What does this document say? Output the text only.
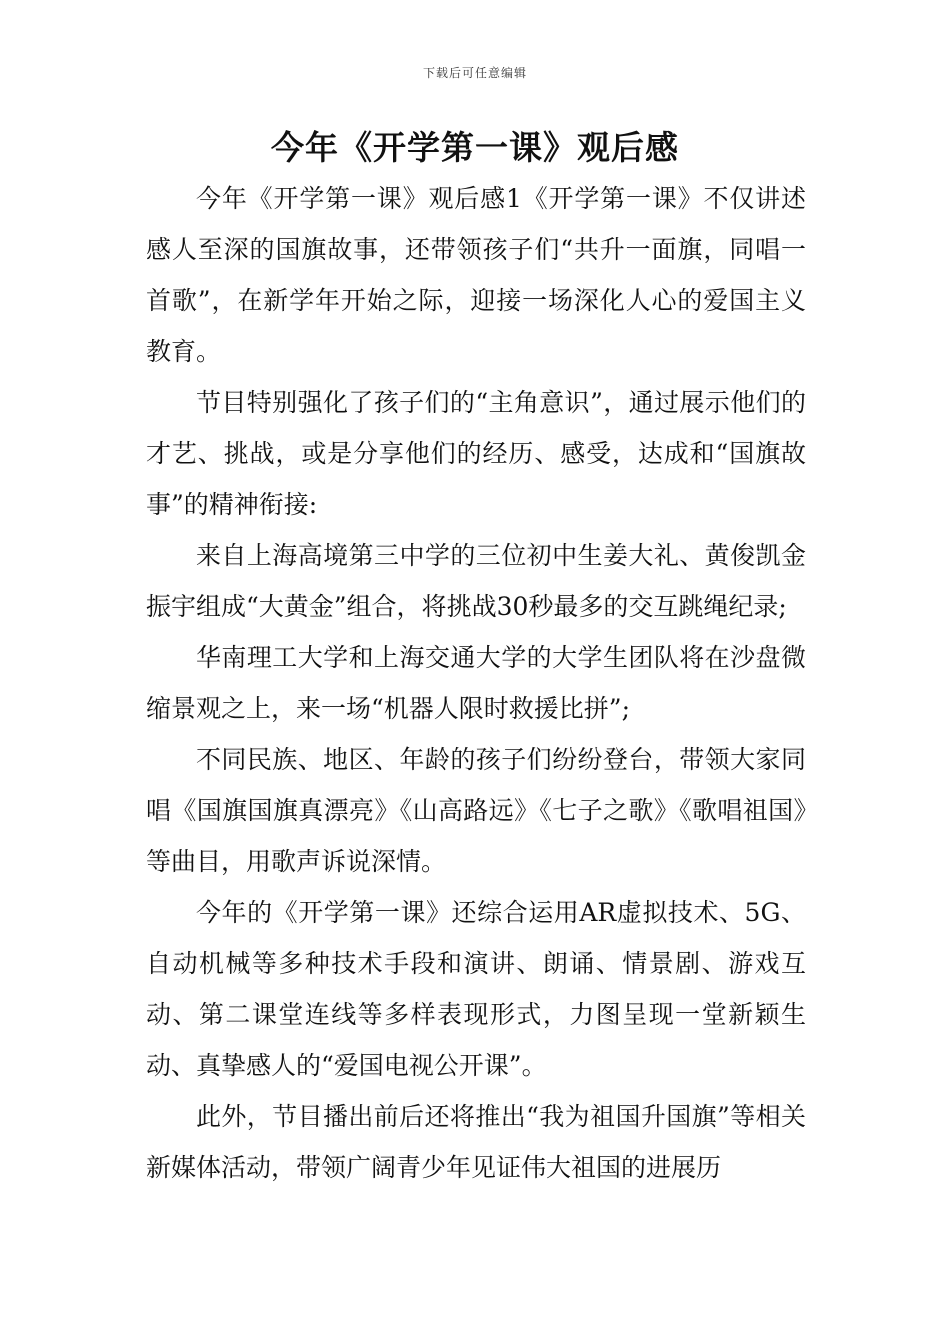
下载后可任意编辑
今年《开学第一课》观后感

今年《开学第一课》观后感1《开学第一课》不仅讲述感人至深的国旗故事，还带领孩子们“共升一面旗，同唱一首歌”，在新学年开始之际，迎接一场深化人心的爱国主义教育。

节目特别强化了孩子们的“主角意识”，通过展示他们的才艺、挑战，或是分享他们的经历、感受，达成和“国旗故事”的精神衔接:

来自上海高境第三中学的三位初中生姜大礼、黄俊凯金振宇组成“大黄金”组合，将挑战30秒最多的交互跳绳纪录;

华南理工大学和上海交通大学的大学生团队将在沙盘微缩景观之上，来一场“机器人限时救援比拼”;

不同民族、地区、年龄的孩子们纷纷登台，带领大家同唱《国旗国旗真漂亮》《山高路远》《七子之歌》《歌唱祖国》等曲目，用歌声诉说深情。

今年的《开学第一课》还综合运用AR虚拟技术、5G、自动机械等多种技术手段和演讲、朗诵、情景剧、游戏互动、第二课堂连线等多样表现形式，力图呈现一堂新颖生动、真挚感人的“爱国电视公开课”。

此外，节目播出前后还将推出“我为祖国升国旗”等相关新媒体活动，带领广阔青少年见证伟大祖国的进展历
